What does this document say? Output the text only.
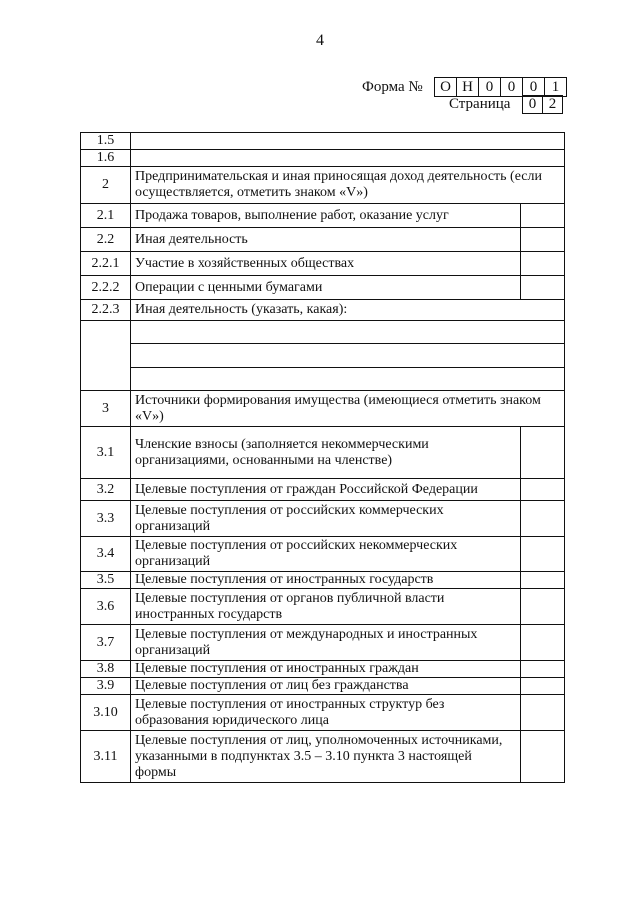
4
Форма №	О Н 0 0 0 1
Страница	0 2
1.5		
1.6		
2	Предпринимательская и иная приносящая доход деятельность (если осуществляется, отметить знаком «V»)	
2.1	Продажа товаров, выполнение работ, оказание услуг	
2.2	Иная деятельность	
2.2.1	Участие в хозяйственных обществах	
2.2.2	Операции с ценными бумагами	
2.2.3	Иная деятельность (указать, какая):	

3	Источники формирования имущества (имеющиеся отметить знаком «V»)	
3.1	Членские взносы (заполняется некоммерческими организациями, основанными на членстве)	
3.2	Целевые поступления от граждан Российской Федерации	
3.3	Целевые поступления от российских коммерческих организаций	
3.4	Целевые поступления от российских некоммерческих организаций	
3.5	Целевые поступления от иностранных государств	
3.6	Целевые поступления от органов публичной власти иностранных государств	
3.7	Целевые поступления от международных и иностранных организаций	
3.8	Целевые поступления от иностранных граждан	
3.9	Целевые поступления от лиц без гражданства	
3.10	Целевые поступления от иностранных структур без образования юридического лица	
3.11	Целевые поступления от лиц, уполномоченных источниками, указанными в подпунктах 3.5 – 3.10 пункта 3 настоящей формы	
